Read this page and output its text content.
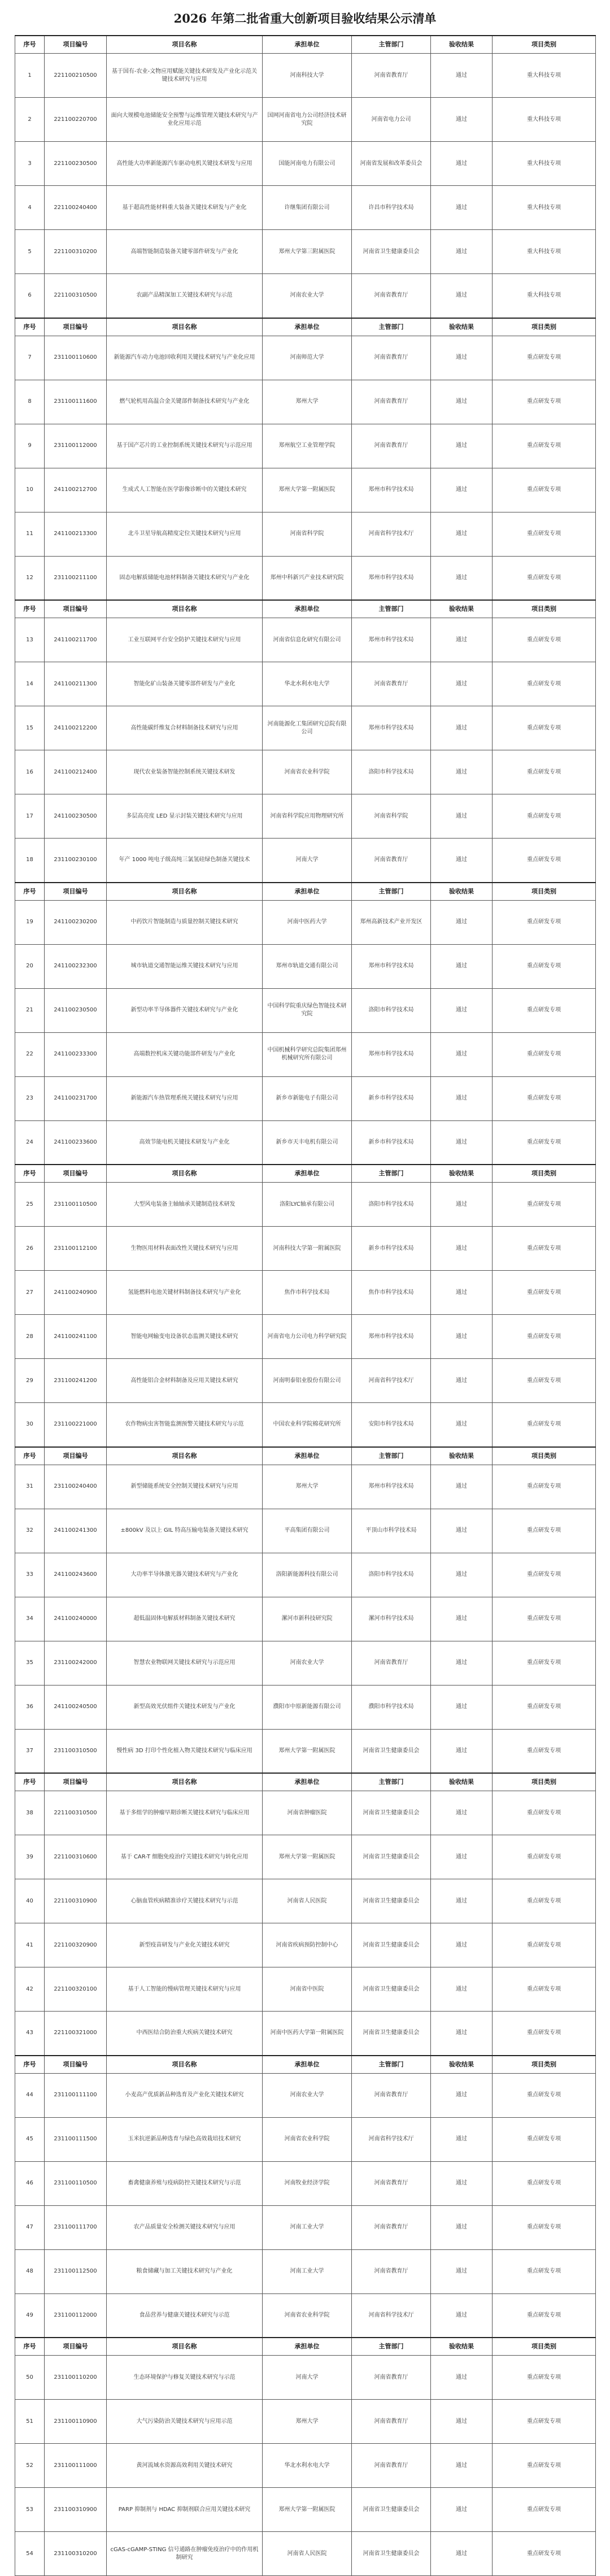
2026 年第二批省重大创新项目验收结果公示清单
序号	项目编号	项目名称	承担单位	主管部门	验收结果	项目类别
1	221100210500	基于国有-农业-文物应用赋能关键技术研发及产业化示范关键技术研究与应用	河南科技大学	河南省教育厅	通过	重大科技专项
2	221100220700	面向大规模电池储能安全预警与运维管理关键技术研究与产业化应用示范	国网河南省电力公司经济技术研究院	河南省电力公司	通过	重大科技专项
3	221100230500	高性能大功率新能源汽车驱动电机关键技术研发与应用	国能河南电力有限公司	河南省发展和改革委员会	通过	重大科技专项
4	221100240400	基于超高性能材料重大装备关键技术研发与产业化	许继集团有限公司	许昌市科学技术局	通过	重大科技专项
5	221100310200	高端智能制造装备关键零部件研发与产业化	郑州大学第三附属医院	河南省卫生健康委员会	通过	重大科技专项
6	221100310500	农副产品精深加工关键技术研究与示范	河南农业大学	河南省教育厅	通过	重大科技专项
序号	项目编号	项目名称	承担单位	主管部门	验收结果	项目类别
7	231100110600	新能源汽车动力电池回收利用关键技术研究与产业化应用	河南师范大学	河南省教育厅	通过	重点研发专项
8	231100111600	燃气轮机用高温合金关键部件制备技术研究与产业化	郑州大学	河南省教育厅	通过	重点研发专项
9	231100112000	基于国产芯片的工业控制系统关键技术研究与示范应用	郑州航空工业管理学院	河南省教育厅	通过	重点研发专项
10	241100212700	生成式人工智能在医学影像诊断中的关键技术研究	郑州大学第一附属医院	郑州市科学技术局	通过	重点研发专项
11	241100213300	北斗卫星导航高精度定位关键技术研究与应用	河南省科学院	河南省科学技术厅	通过	重点研发专项
12	231100211100	固态电解质储能电池材料制备关键技术研究与产业化	郑州中科新兴产业技术研究院	郑州市科学技术局	通过	重点研发专项
序号	项目编号	项目名称	承担单位	主管部门	验收结果	项目类别
13	241100211700	工业互联网平台安全防护关键技术研究与应用	河南省信息化研究有限公司	郑州市科学技术局	通过	重点研发专项
14	241100211300	智能化矿山装备关键零部件研发与产业化	华北水利水电大学	河南省教育厅	通过	重点研发专项
15	241100212200	高性能碳纤维复合材料制备技术研究与应用	河南能源化工集团研究总院有限公司	郑州市科学技术局	通过	重点研发专项
16	241100212400	现代农业装备智能控制系统关键技术研发	河南省农业科学院	洛阳市科学技术局	通过	重点研发专项
17	241100230500	多层高亮度 LED 显示封装关键技术研究与应用	河南省科学院应用物理研究所	河南省科学院	通过	重点研发专项
18	231100230100	年产 1000 吨电子级高纯三氯氢硅绿色制备关键技术	河南大学	河南省教育厅	通过	重点研发专项
序号	项目编号	项目名称	承担单位	主管部门	验收结果	项目类别
19	241100230200	中药饮片智能制造与质量控制关键技术研究	河南中医药大学	郑州高新技术产业开发区	通过	重点研发专项
20	241100232300	城市轨道交通智能运维关键技术研究与应用	郑州市轨道交通有限公司	郑州市科学技术局	通过	重点研发专项
21	241100230500	新型功率半导体器件关键技术研究与产业化	中国科学院重庆绿色智能技术研究院	洛阳市科学技术局	通过	重点研发专项
22	241100233300	高端数控机床关键功能部件研发与产业化	中国机械科学研究总院集团郑州机械研究所有限公司	郑州市科学技术局	通过	重点研发专项
23	241100231700	新能源汽车热管理系统关键技术研究与应用	新乡市新能电子有限公司	新乡市科学技术局	通过	重点研发专项
24	241100233600	高效节能电机关键技术研发与产业化	新乡市天丰电机有限公司	新乡市科学技术局	通过	重点研发专项
序号	项目编号	项目名称	承担单位	主管部门	验收结果	项目类别
25	231100110500	大型风电装备主轴轴承关键制造技术研发	洛阳LYC轴承有限公司	洛阳市科学技术局	通过	重点研发专项
26	231100112100	生物医用材料表面改性关键技术研究与应用	河南科技大学第一附属医院	新乡市科学技术局	通过	重点研发专项
27	241100240900	氢能燃料电池关键材料制备技术研究与产业化	焦作市科学技术局	焦作市科学技术局	通过	重点研发专项
28	241100241100	智能电网输变电设备状态监测关键技术研究	河南省电力公司电力科学研究院	郑州市科学技术局	通过	重点研发专项
29	231100241200	高性能铝合金材料制备及应用关键技术研究	河南明泰铝业股份有限公司	河南省科学技术厅	通过	重点研发专项
30	231100221000	农作物病虫害智能监测预警关键技术研究与示范	中国农业科学院棉花研究所	安阳市科学技术局	通过	重点研发专项
序号	项目编号	项目名称	承担单位	主管部门	验收结果	项目类别
31	231100240400	新型储能系统安全控制关键技术研究与应用	郑州大学	郑州市科学技术局	通过	重点研发专项
32	241100241300	±800kV 及以上 GIL 特高压输电装备关键技术研究	平高集团有限公司	平顶山市科学技术局	通过	重点研发专项
33	241100243600	大功率半导体激光器关键技术研究与产业化	洛阳新能源科技有限公司	洛阳市科学技术局	通过	重点研发专项
34	241100240000	超低温固体电解质材料制备关键技术研究	漯河市新科技研究院	漯河市科学技术局	通过	重点研发专项
35	231100242000	智慧农业物联网关键技术研究与示范应用	河南农业大学	河南省教育厅	通过	重点研发专项
36	241100240500	新型高效光伏组件关键技术研发与产业化	濮阳市中原新能源有限公司	濮阳市科学技术局	通过	重点研发专项
37	231100310500	慢性病 3D 打印个性化植入物关键技术研究与临床应用	郑州大学第一附属医院	河南省卫生健康委员会	通过	重点研发专项
序号	项目编号	项目名称	承担单位	主管部门	验收结果	项目类别
38	221100310500	基于多组学的肿瘤早期诊断关键技术研究与临床应用	河南省肿瘤医院	河南省卫生健康委员会	通过	重点研发专项
39	221100310600	基于 CAR-T 细胞免疫治疗关键技术研究与转化应用	郑州大学第一附属医院	河南省卫生健康委员会	通过	重点研发专项
40	221100310900	心脑血管疾病精准诊疗关键技术研究与示范	河南省人民医院	河南省卫生健康委员会	通过	重点研发专项
41	221100320900	新型疫苗研发与产业化关键技术研究	河南省疾病预防控制中心	河南省卫生健康委员会	通过	重点研发专项
42	221100320100	基于人工智能的慢病管理关键技术研究与应用	河南省中医院	河南省卫生健康委员会	通过	重点研发专项
43	221100321000	中西医结合防治重大疾病关键技术研究	河南中医药大学第一附属医院	河南省卫生健康委员会	通过	重点研发专项
序号	项目编号	项目名称	承担单位	主管部门	验收结果	项目类别
44	231100111100	小麦高产优质新品种选育及产业化关键技术研究	河南农业大学	河南省教育厅	通过	重点研发专项
45	231100111500	玉米抗逆新品种选育与绿色高效栽培技术研究	河南省农业科学院	河南省科学技术厅	通过	重点研发专项
46	231100110500	畜禽健康养殖与疫病防控关键技术研究与示范	河南牧业经济学院	河南省教育厅	通过	重点研发专项
47	231100111700	农产品质量安全检测关键技术研究与应用	河南工业大学	河南省教育厅	通过	重点研发专项
48	231100112500	粮食储藏与加工关键技术研究与产业化	河南工业大学	河南省教育厅	通过	重点研发专项
49	231100112000	食品营养与健康关键技术研究与示范	河南省农业科学院	河南省科学技术厅	通过	重点研发专项
序号	项目编号	项目名称	承担单位	主管部门	验收结果	项目类别
50	231100110200	生态环境保护与修复关键技术研究与示范	河南大学	河南省教育厅	通过	重点研发专项
51	231100110900	大气污染防治关键技术研究与应用示范	郑州大学	河南省教育厅	通过	重点研发专项
52	231100111000	黄河流域水资源高效利用关键技术研究	华北水利水电大学	河南省教育厅	通过	重点研发专项
53	231100310900	PARP 抑制剂与 HDAC 抑制剂联合应用关键技术研究	郑州大学第一附属医院	河南省卫生健康委员会	通过	重点研发专项
54	231100310200	cGAS-cGAMP-STING 信号通路在肿瘤免疫治疗中的作用机制研究	河南省人民医院	河南省卫生健康委员会	通过	重点研发专项
